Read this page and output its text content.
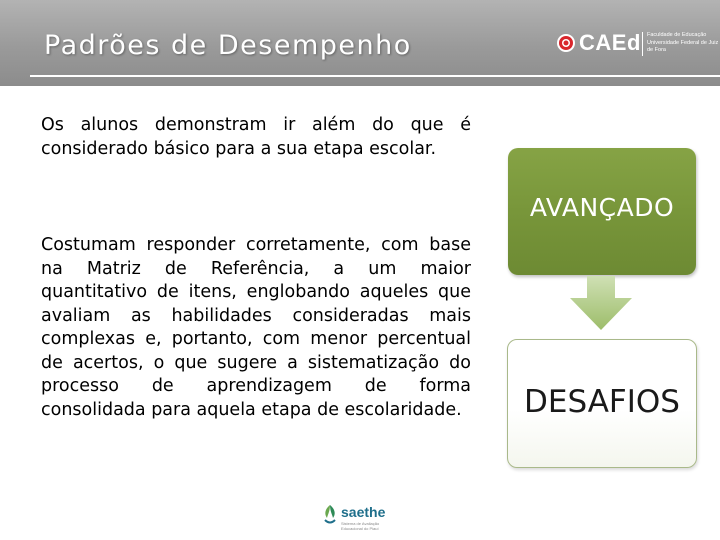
Padrões de Desempenho	CAEd Faculdade de Educação Universidade Federal de Juiz de Fora

Os alunos demonstram ir além do que é considerado básico para a sua etapa escolar.

Costumam responder corretamente, com base na Matriz de Referência, a um maior quantitativo de itens, englobando aqueles que avaliam as habilidades consideradas mais complexas e, portanto, com menor percentual de acertos, o que sugere a sistematização do processo de aprendizagem de forma consolidada para aquela etapa de escolaridade.

AVANÇADO
DESAFIOS
saethe
Sistema de Avaliação Educacional do Piauí
